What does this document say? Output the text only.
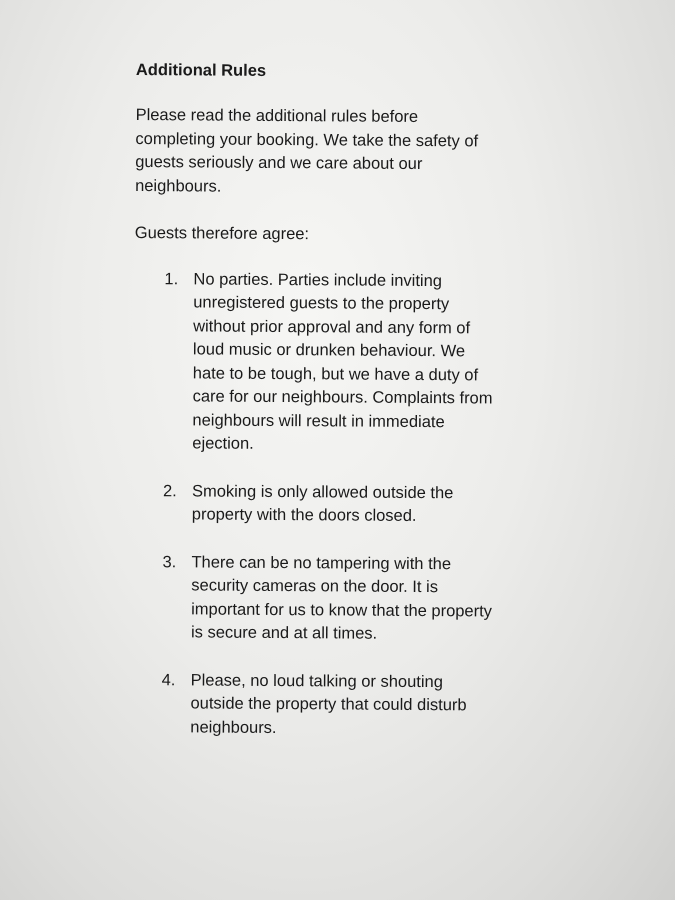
Additional Rules

Please read the additional rules before completing your booking. We take the safety of guests seriously and we care about our neighbours.

Guests therefore agree:

1. No parties. Parties include inviting unregistered guests to the property without prior approval and any form of loud music or drunken behaviour. We hate to be tough, but we have a duty of care for our neighbours. Complaints from neighbours will result in immediate ejection.
2. Smoking is only allowed outside the property with the doors closed.
3. There can be no tampering with the security cameras on the door. It is important for us to know that the property is secure and at all times.
4. Please, no loud talking or shouting outside the property that could disturb neighbours.
